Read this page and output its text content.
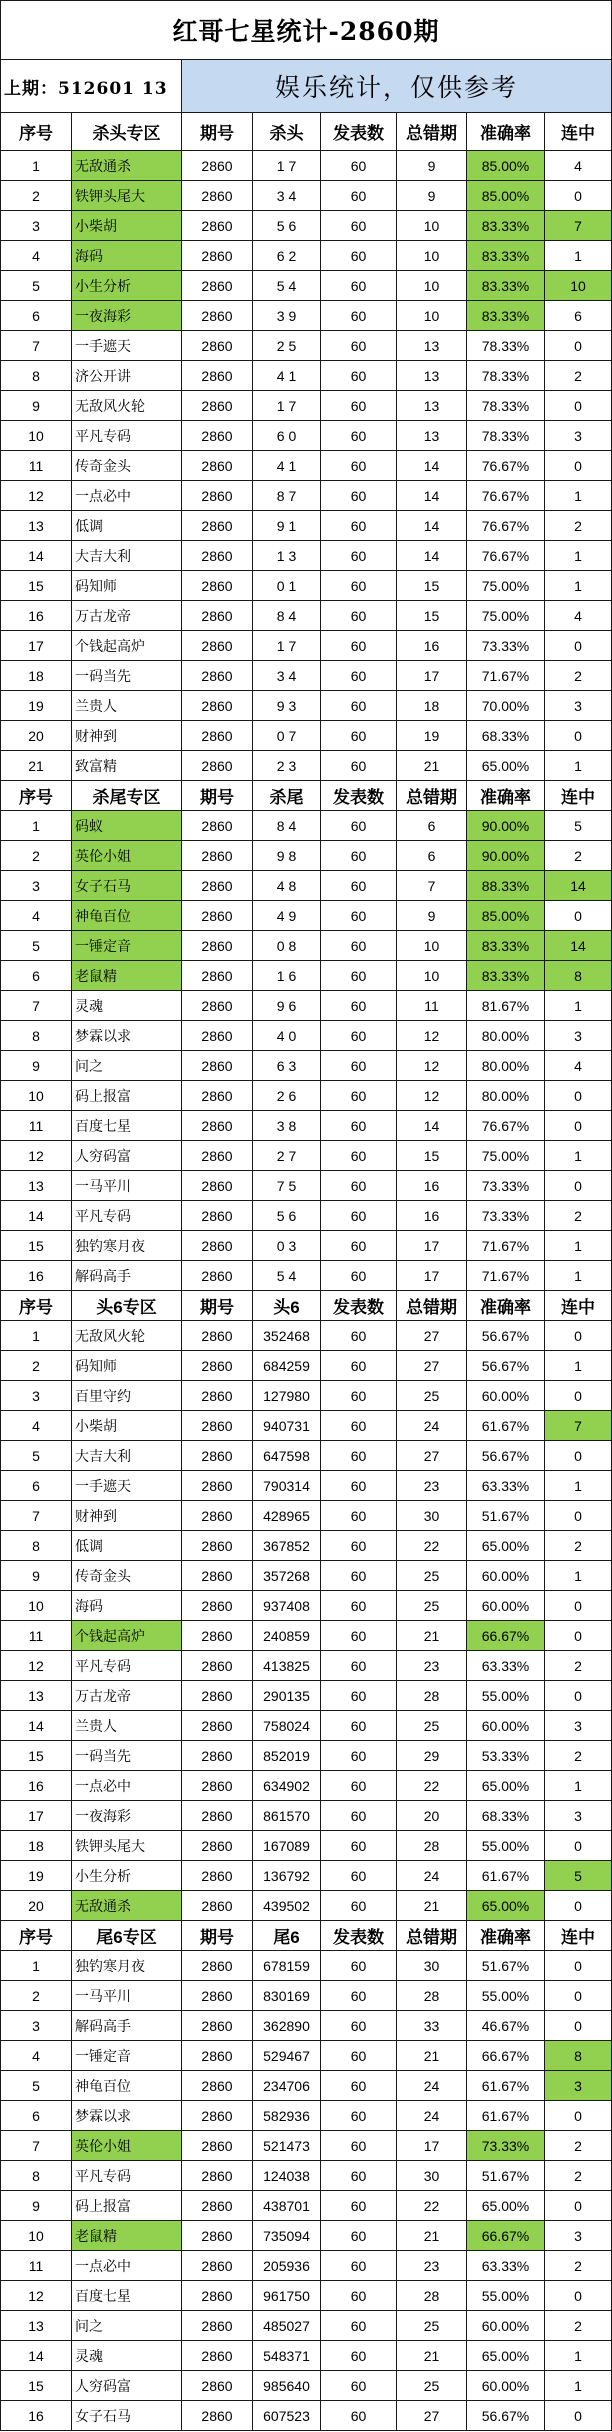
红哥七星统计-2860期
上期：512601 13	娱乐统计，仅供参考
序号	杀头专区	期号	杀头	发表数	总错期	准确率	连中
1	无敌通杀	2860	1 7	60	9	85.00%	4
2	铁钾头尾大	2860	3 4	60	9	85.00%	0
3	小柴胡	2860	5 6	60	10	83.33%	7
4	海码	2860	6 2	60	10	83.33%	1
5	小生分析	2860	5 4	60	10	83.33%	10
6	一夜海彩	2860	3 9	60	10	83.33%	6
7	一手遮天	2860	2 5	60	13	78.33%	0
8	济公开讲	2860	4 1	60	13	78.33%	2
9	无敌风火轮	2860	1 7	60	13	78.33%	0
10	平凡专码	2860	6 0	60	13	78.33%	3
11	传奇金头	2860	4 1	60	14	76.67%	0
12	一点必中	2860	8 7	60	14	76.67%	1
13	低调	2860	9 1	60	14	76.67%	2
14	大吉大利	2860	1 3	60	14	76.67%	1
15	码知师	2860	0 1	60	15	75.00%	1
16	万古龙帝	2860	8 4	60	15	75.00%	4
17	个钱起高炉	2860	1 7	60	16	73.33%	0
18	一码当先	2860	3 4	60	17	71.67%	2
19	兰贵人	2860	9 3	60	18	70.00%	3
20	财神到	2860	0 7	60	19	68.33%	0
21	致富精	2860	2 3	60	21	65.00%	1
序号	杀尾专区	期号	杀尾	发表数	总错期	准确率	连中
1	码蚁	2860	8 4	60	6	90.00%	5
2	英伦小姐	2860	9 8	60	6	90.00%	2
3	女子石马	2860	4 8	60	7	88.33%	14
4	神龟百位	2860	4 9	60	9	85.00%	0
5	一锤定音	2860	0 8	60	10	83.33%	14
6	老鼠精	2860	1 6	60	10	83.33%	8
7	灵魂	2860	9 6	60	11	81.67%	1
8	梦霖以求	2860	4 0	60	12	80.00%	3
9	问之	2860	6 3	60	12	80.00%	4
10	码上报富	2860	2 6	60	12	80.00%	0
11	百度七星	2860	3 8	60	14	76.67%	0
12	人穷码富	2860	2 7	60	15	75.00%	1
13	一马平川	2860	7 5	60	16	73.33%	0
14	平凡专码	2860	5 6	60	16	73.33%	2
15	独钓寒月夜	2860	0 3	60	17	71.67%	1
16	解码高手	2860	5 4	60	17	71.67%	1
序号	头6专区	期号	头6	发表数	总错期	准确率	连中
1	无敌风火轮	2860	352468	60	27	56.67%	0
2	码知师	2860	684259	60	27	56.67%	1
3	百里守约	2860	127980	60	25	60.00%	0
4	小柴胡	2860	940731	60	24	61.67%	7
5	大吉大利	2860	647598	60	27	56.67%	0
6	一手遮天	2860	790314	60	23	63.33%	1
7	财神到	2860	428965	60	30	51.67%	0
8	低调	2860	367852	60	22	65.00%	2
9	传奇金头	2860	357268	60	25	60.00%	1
10	海码	2860	937408	60	25	60.00%	0
11	个钱起高炉	2860	240859	60	21	66.67%	0
12	平凡专码	2860	413825	60	23	63.33%	2
13	万古龙帝	2860	290135	60	28	55.00%	0
14	兰贵人	2860	758024	60	25	60.00%	3
15	一码当先	2860	852019	60	29	53.33%	2
16	一点必中	2860	634902	60	22	65.00%	1
17	一夜海彩	2860	861570	60	20	68.33%	3
18	铁钾头尾大	2860	167089	60	28	55.00%	0
19	小生分析	2860	136792	60	24	61.67%	5
20	无敌通杀	2860	439502	60	21	65.00%	0
序号	尾6专区	期号	尾6	发表数	总错期	准确率	连中
1	独钓寒月夜	2860	678159	60	30	51.67%	0
2	一马平川	2860	830169	60	28	55.00%	0
3	解码高手	2860	362890	60	33	46.67%	0
4	一锤定音	2860	529467	60	21	66.67%	8
5	神龟百位	2860	234706	60	24	61.67%	3
6	梦霖以求	2860	582936	60	24	61.67%	0
7	英伦小姐	2860	521473	60	17	73.33%	2
8	平凡专码	2860	124038	60	30	51.67%	2
9	码上报富	2860	438701	60	22	65.00%	0
10	老鼠精	2860	735094	60	21	66.67%	3
11	一点必中	2860	205936	60	23	63.33%	2
12	百度七星	2860	961750	60	28	55.00%	0
13	问之	2860	485027	60	25	60.00%	2
14	灵魂	2860	548371	60	21	65.00%	1
15	人穷码富	2860	985640	60	25	60.00%	1
16	女子石马	2860	607523	60	27	56.67%	0
